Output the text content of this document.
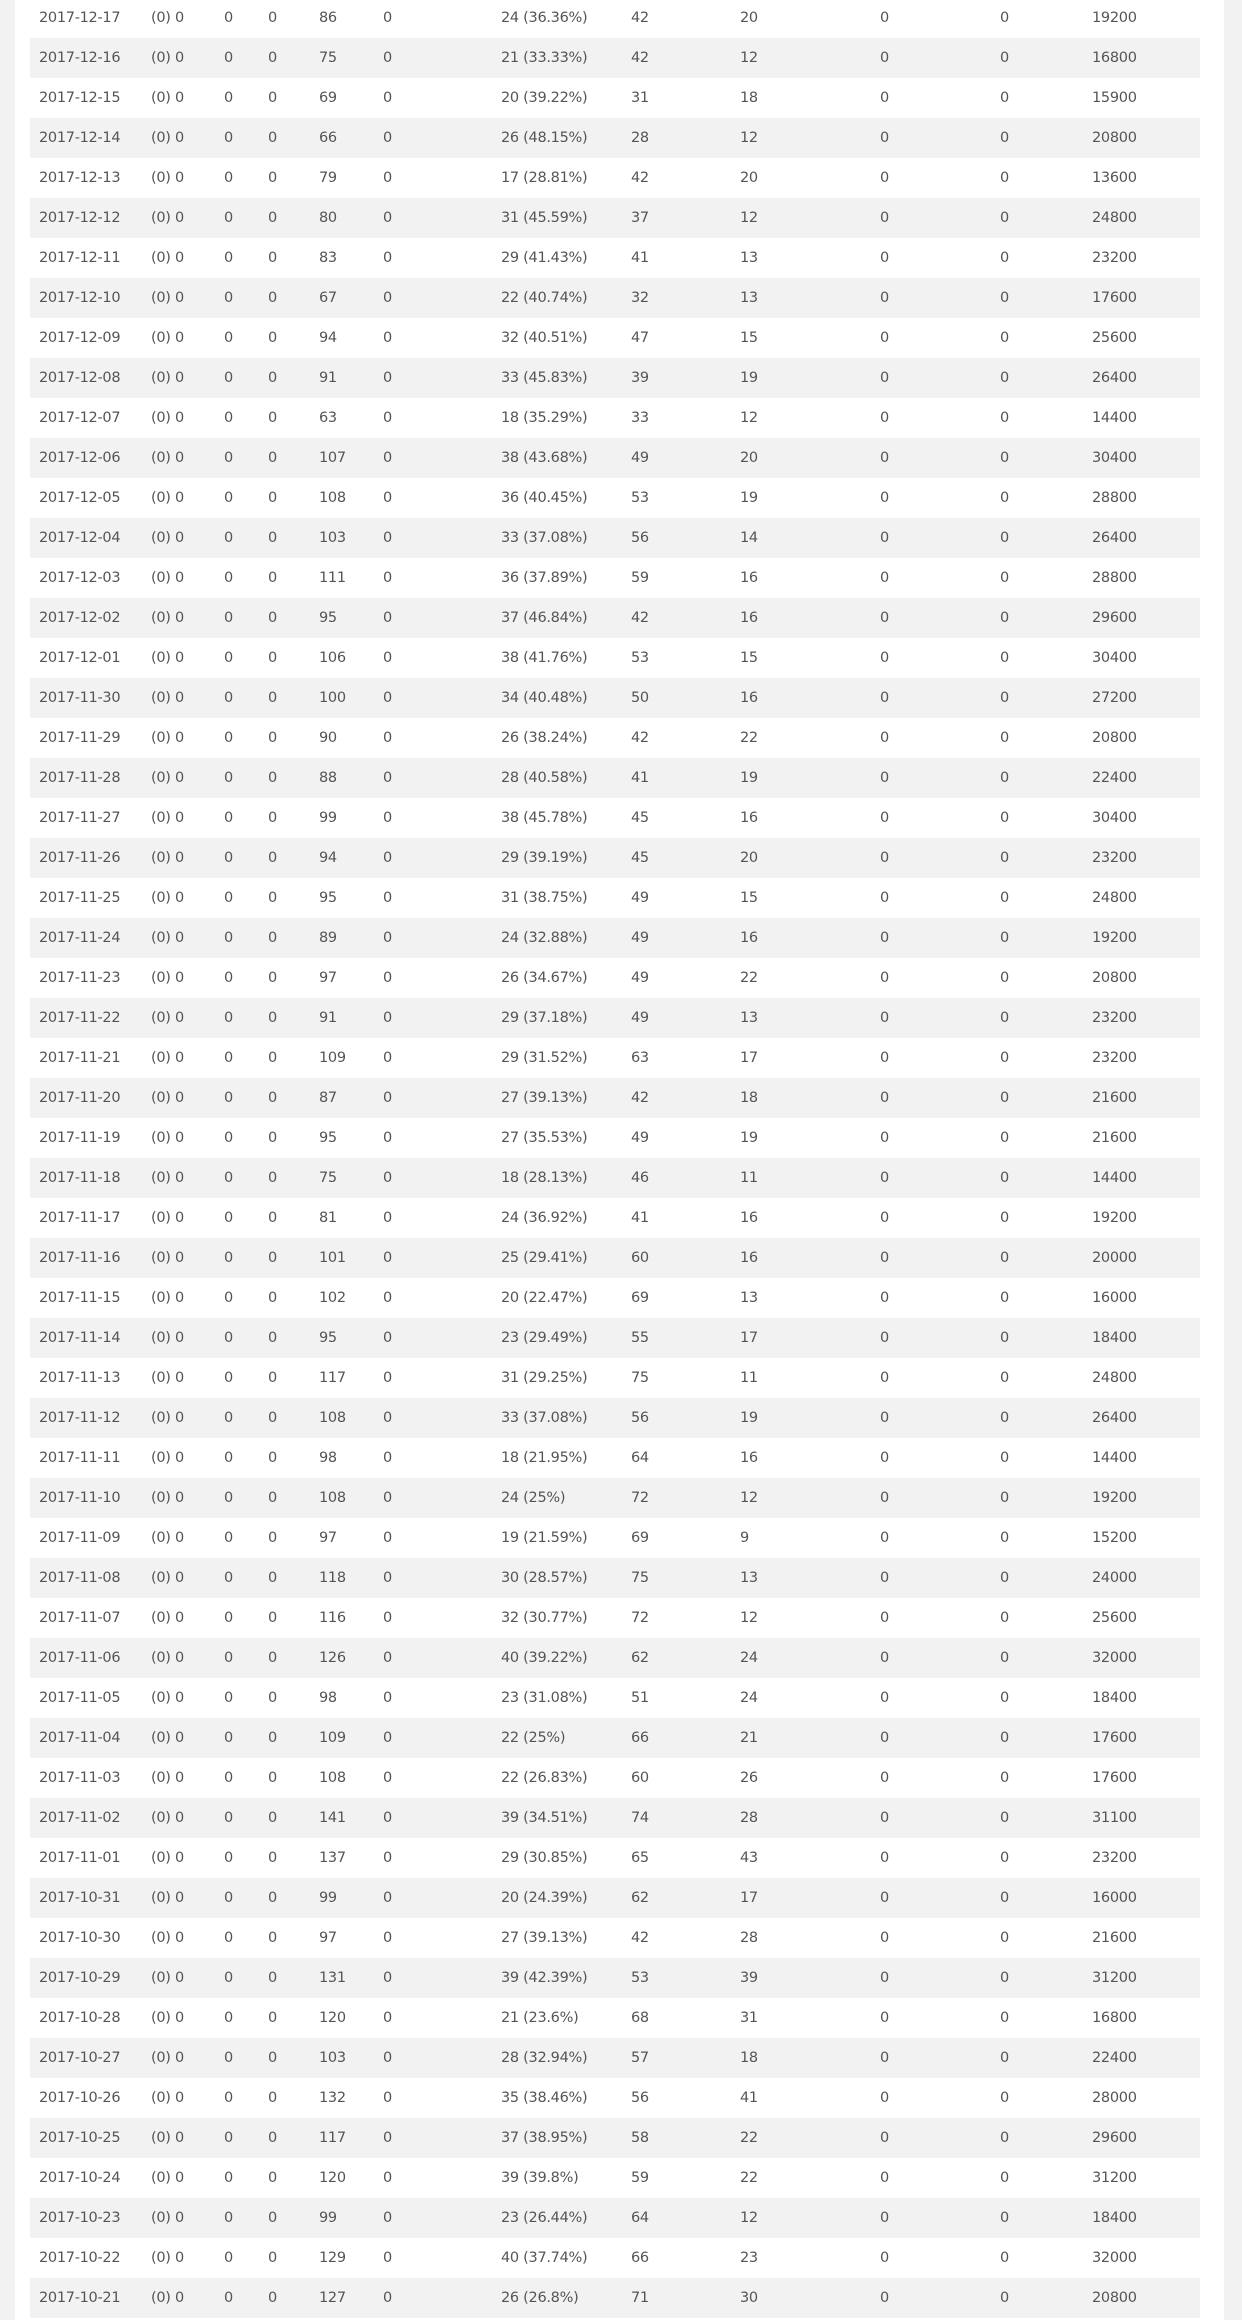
2017-12-17	(0) 0	0	0	86	0	24 (36.36%)	42	20	0	0	19200
2017-12-16	(0) 0	0	0	75	0	21 (33.33%)	42	12	0	0	16800
2017-12-15	(0) 0	0	0	69	0	20 (39.22%)	31	18	0	0	15900
2017-12-14	(0) 0	0	0	66	0	26 (48.15%)	28	12	0	0	20800
2017-12-13	(0) 0	0	0	79	0	17 (28.81%)	42	20	0	0	13600
2017-12-12	(0) 0	0	0	80	0	31 (45.59%)	37	12	0	0	24800
2017-12-11	(0) 0	0	0	83	0	29 (41.43%)	41	13	0	0	23200
2017-12-10	(0) 0	0	0	67	0	22 (40.74%)	32	13	0	0	17600
2017-12-09	(0) 0	0	0	94	0	32 (40.51%)	47	15	0	0	25600
2017-12-08	(0) 0	0	0	91	0	33 (45.83%)	39	19	0	0	26400
2017-12-07	(0) 0	0	0	63	0	18 (35.29%)	33	12	0	0	14400
2017-12-06	(0) 0	0	0	107	0	38 (43.68%)	49	20	0	0	30400
2017-12-05	(0) 0	0	0	108	0	36 (40.45%)	53	19	0	0	28800
2017-12-04	(0) 0	0	0	103	0	33 (37.08%)	56	14	0	0	26400
2017-12-03	(0) 0	0	0	111	0	36 (37.89%)	59	16	0	0	28800
2017-12-02	(0) 0	0	0	95	0	37 (46.84%)	42	16	0	0	29600
2017-12-01	(0) 0	0	0	106	0	38 (41.76%)	53	15	0	0	30400
2017-11-30	(0) 0	0	0	100	0	34 (40.48%)	50	16	0	0	27200
2017-11-29	(0) 0	0	0	90	0	26 (38.24%)	42	22	0	0	20800
2017-11-28	(0) 0	0	0	88	0	28 (40.58%)	41	19	0	0	22400
2017-11-27	(0) 0	0	0	99	0	38 (45.78%)	45	16	0	0	30400
2017-11-26	(0) 0	0	0	94	0	29 (39.19%)	45	20	0	0	23200
2017-11-25	(0) 0	0	0	95	0	31 (38.75%)	49	15	0	0	24800
2017-11-24	(0) 0	0	0	89	0	24 (32.88%)	49	16	0	0	19200
2017-11-23	(0) 0	0	0	97	0	26 (34.67%)	49	22	0	0	20800
2017-11-22	(0) 0	0	0	91	0	29 (37.18%)	49	13	0	0	23200
2017-11-21	(0) 0	0	0	109	0	29 (31.52%)	63	17	0	0	23200
2017-11-20	(0) 0	0	0	87	0	27 (39.13%)	42	18	0	0	21600
2017-11-19	(0) 0	0	0	95	0	27 (35.53%)	49	19	0	0	21600
2017-11-18	(0) 0	0	0	75	0	18 (28.13%)	46	11	0	0	14400
2017-11-17	(0) 0	0	0	81	0	24 (36.92%)	41	16	0	0	19200
2017-11-16	(0) 0	0	0	101	0	25 (29.41%)	60	16	0	0	20000
2017-11-15	(0) 0	0	0	102	0	20 (22.47%)	69	13	0	0	16000
2017-11-14	(0) 0	0	0	95	0	23 (29.49%)	55	17	0	0	18400
2017-11-13	(0) 0	0	0	117	0	31 (29.25%)	75	11	0	0	24800
2017-11-12	(0) 0	0	0	108	0	33 (37.08%)	56	19	0	0	26400
2017-11-11	(0) 0	0	0	98	0	18 (21.95%)	64	16	0	0	14400
2017-11-10	(0) 0	0	0	108	0	24 (25%)	72	12	0	0	19200
2017-11-09	(0) 0	0	0	97	0	19 (21.59%)	69	9	0	0	15200
2017-11-08	(0) 0	0	0	118	0	30 (28.57%)	75	13	0	0	24000
2017-11-07	(0) 0	0	0	116	0	32 (30.77%)	72	12	0	0	25600
2017-11-06	(0) 0	0	0	126	0	40 (39.22%)	62	24	0	0	32000
2017-11-05	(0) 0	0	0	98	0	23 (31.08%)	51	24	0	0	18400
2017-11-04	(0) 0	0	0	109	0	22 (25%)	66	21	0	0	17600
2017-11-03	(0) 0	0	0	108	0	22 (26.83%)	60	26	0	0	17600
2017-11-02	(0) 0	0	0	141	0	39 (34.51%)	74	28	0	0	31100
2017-11-01	(0) 0	0	0	137	0	29 (30.85%)	65	43	0	0	23200
2017-10-31	(0) 0	0	0	99	0	20 (24.39%)	62	17	0	0	16000
2017-10-30	(0) 0	0	0	97	0	27 (39.13%)	42	28	0	0	21600
2017-10-29	(0) 0	0	0	131	0	39 (42.39%)	53	39	0	0	31200
2017-10-28	(0) 0	0	0	120	0	21 (23.6%)	68	31	0	0	16800
2017-10-27	(0) 0	0	0	103	0	28 (32.94%)	57	18	0	0	22400
2017-10-26	(0) 0	0	0	132	0	35 (38.46%)	56	41	0	0	28000
2017-10-25	(0) 0	0	0	117	0	37 (38.95%)	58	22	0	0	29600
2017-10-24	(0) 0	0	0	120	0	39 (39.8%)	59	22	0	0	31200
2017-10-23	(0) 0	0	0	99	0	23 (26.44%)	64	12	0	0	18400
2017-10-22	(0) 0	0	0	129	0	40 (37.74%)	66	23	0	0	32000
2017-10-21	(0) 0	0	0	127	0	26 (26.8%)	71	30	0	0	20800
